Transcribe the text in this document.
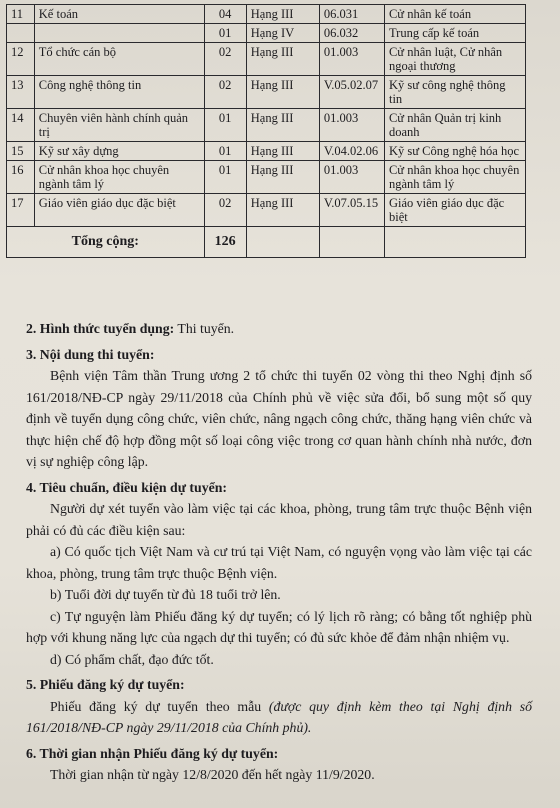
11	Kế toán	04	Hạng III	06.031	Cử nhân kế toán
		01	Hạng IV	06.032	Trung cấp kế toán
12	Tổ chức cán bộ	02	Hạng III	01.003	Cử nhân luật, Cử nhân ngoại thương
13	Công nghệ thông tin	02	Hạng III	V.05.02.07	Kỹ sư công nghệ thông tin
14	Chuyên viên hành chính quản trị	01	Hạng III	01.003	Cử nhân Quản trị kinh doanh
15	Kỹ sư xây dựng	01	Hạng III	V.04.02.06	Kỹ sư Công nghệ hóa học
16	Cử nhân khoa học chuyên ngành tâm lý	01	Hạng III	01.003	Cử nhân khoa học chuyên ngành tâm lý
17	Giáo viên giáo dục đặc biệt	02	Hạng III	V.07.05.15	Giáo viên giáo dục đặc biệt
Tổng cộng:		126			

2. Hình thức tuyển dụng: Thi tuyển.

3. Nội dung thi tuyển:

Bệnh viện Tâm thần Trung ương 2 tổ chức thi tuyển 02 vòng thi theo Nghị định số 161/2018/NĐ-CP ngày 29/11/2018 của Chính phủ về việc sửa đổi, bổ sung một số quy định về tuyển dụng công chức, viên chức, nâng ngạch công chức, thăng hạng viên chức và thực hiện chế độ hợp đồng một số loại công việc trong cơ quan hành chính nhà nước, đơn vị sự nghiệp công lập.

4. Tiêu chuẩn, điều kiện dự tuyển:

Người dự xét tuyển vào làm việc tại các khoa, phòng, trung tâm trực thuộc Bệnh viện phải có đủ các điều kiện sau:

a) Có quốc tịch Việt Nam và cư trú tại Việt Nam, có nguyện vọng vào làm việc tại các khoa, phòng, trung tâm trực thuộc Bệnh viện.

b) Tuổi đời dự tuyển từ đủ 18 tuổi trở lên.

c) Tự nguyện làm Phiếu đăng ký dự tuyển; có lý lịch rõ ràng; có bằng tốt nghiệp phù hợp với khung năng lực của ngạch dự thi tuyển; có đủ sức khỏe để đảm nhận nhiệm vụ.

d) Có phẩm chất, đạo đức tốt.

5. Phiếu đăng ký dự tuyển:

Phiếu đăng ký dự tuyển theo mẫu (được quy định kèm theo tại Nghị định số 161/2018/NĐ-CP ngày 29/11/2018 của Chính phủ).

6. Thời gian nhận Phiếu đăng ký dự tuyển:

Thời gian nhận từ ngày 12/8/2020 đến hết ngày 11/9/2020.
